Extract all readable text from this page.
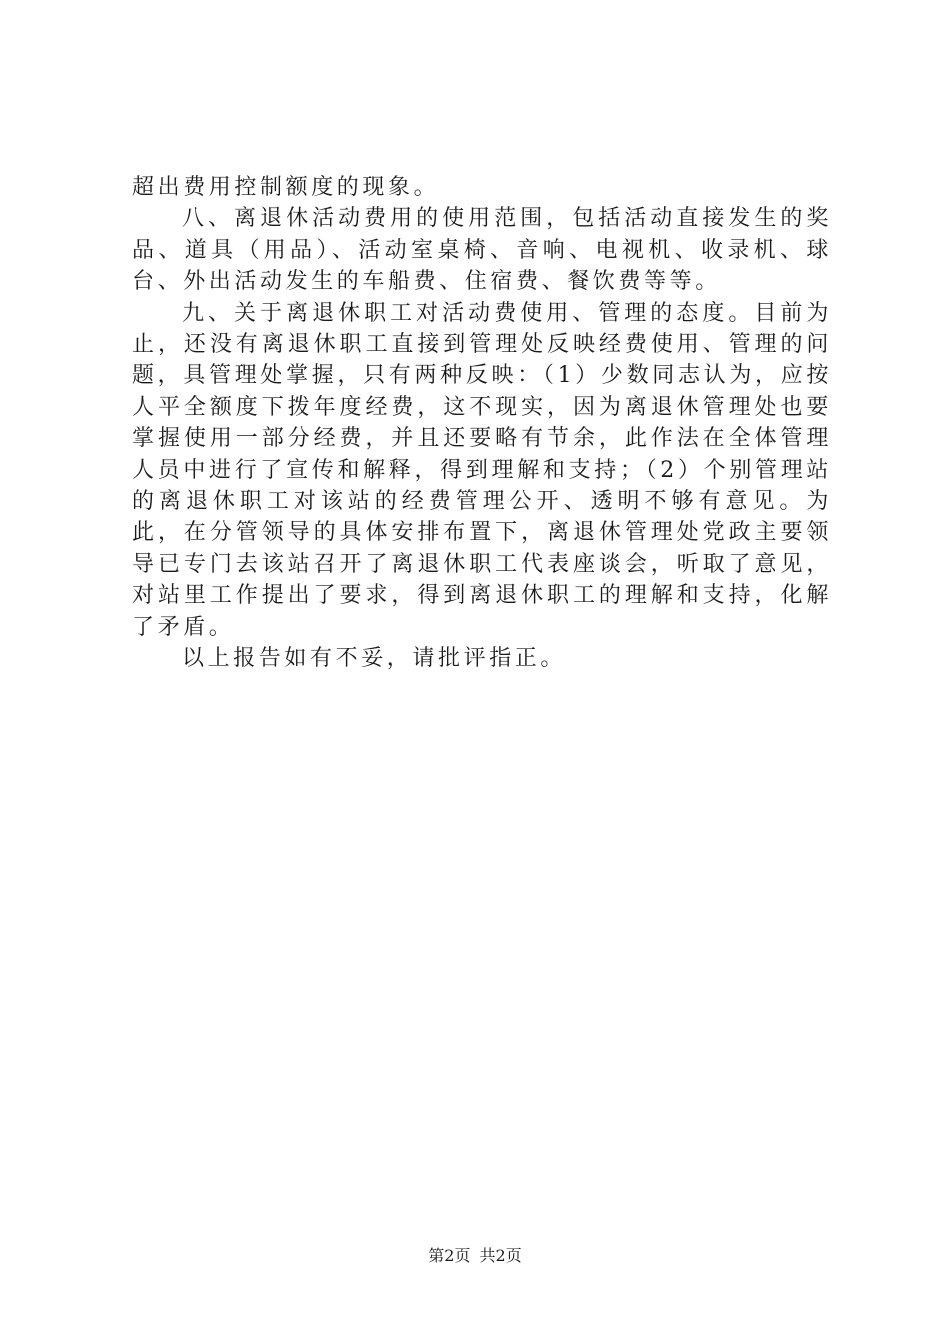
超出费用控制额度的现象。

八、离退休活动费用的使用范围，包括活动直接发生的奖品、道具（用品）、活动室桌椅、音响、电视机、收录机、球台、外出活动发生的车船费、住宿费、餐饮费等等。

九、关于离退休职工对活动费使用、管理的态度。目前为止，还没有离退休职工直接到管理处反映经费使用、管理的问题，具管理处掌握，只有两种反映：（1）少数同志认为，应按人平全额度下拨年度经费，这不现实，因为离退休管理处也要掌握使用一部分经费，并且还要略有节余，此作法在全体管理人员中进行了宣传和解释，得到理解和支持；（2）个别管理站的离退休职工对该站的经费管理公开、透明不够有意见。为此，在分管领导的具体安排布置下，离退休管理处党政主要领导已专门去该站召开了离退休职工代表座谈会，听取了意见，对站里工作提出了要求，得到离退休职工的理解和支持，化解了矛盾。

以上报告如有不妥，请批评指正。

第2页 共2页
